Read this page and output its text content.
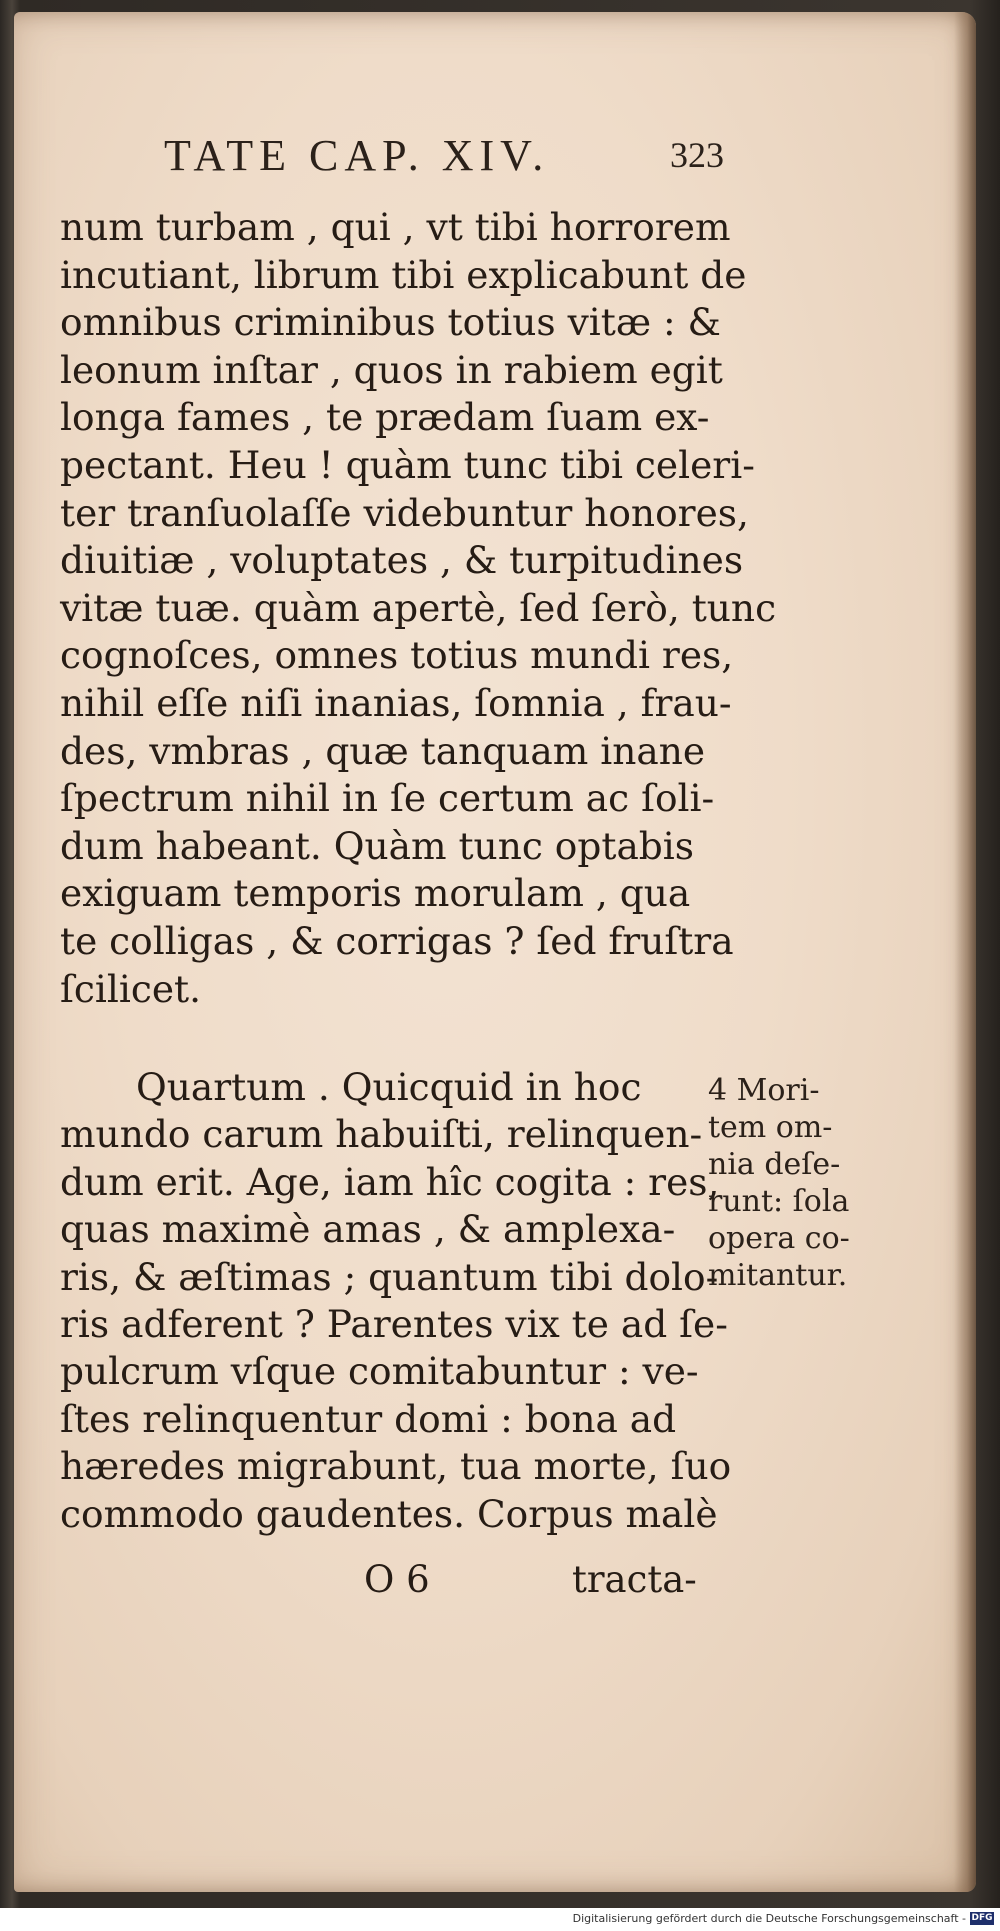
TATE CAP. XIV.	323
num turbam , qui , vt tibi horrorem
incutiant, librum tibi explicabunt de
omnibus criminibus totius vitæ : &
leonum inſtar , quos in rabiem egit
longa fames , te prædam ſuam ex-
pectant. Heu ! quàm tunc tibi celeri-
ter tranſuolaſſe videbuntur honores,
diuitiæ , voluptates , & turpitudines
vitæ tuæ. quàm apertè, ſed ſerò, tunc
cognoſces, omnes totius mundi res,
nihil eſſe niſi inanias, ſomnia , frau-
des, vmbras , quæ tanquam inane
ſpectrum nihil in ſe certum ac ſoli-
dum habeant. Quàm tunc optabis
exiguam temporis morulam , qua
te colligas , & corrigas ? ſed fruſtra
ſcilicet.
Quartum . Quicquid in hoc
mundo carum habuiſti, relinquen-
dum erit. Age, iam hîc cogita : res,
quas maximè amas , & amplexa-
ris, & æſtimas ; quantum tibi dolo-
ris adferent ? Parentes vix te ad ſe-
pulcrum vſque comitabuntur : ve-
ſtes relinquentur domi : bona ad
hæredes migrabunt, tua morte, ſuo
commodo gaudentes. Corpus malè
4 Mori-
tem om-
nia deſe-
runt: ſola
opera co-
mitantur.
O 6	tracta-
Digitalisierung gefördert durch die Deutsche Forschungsgemeinschaft - DFG
